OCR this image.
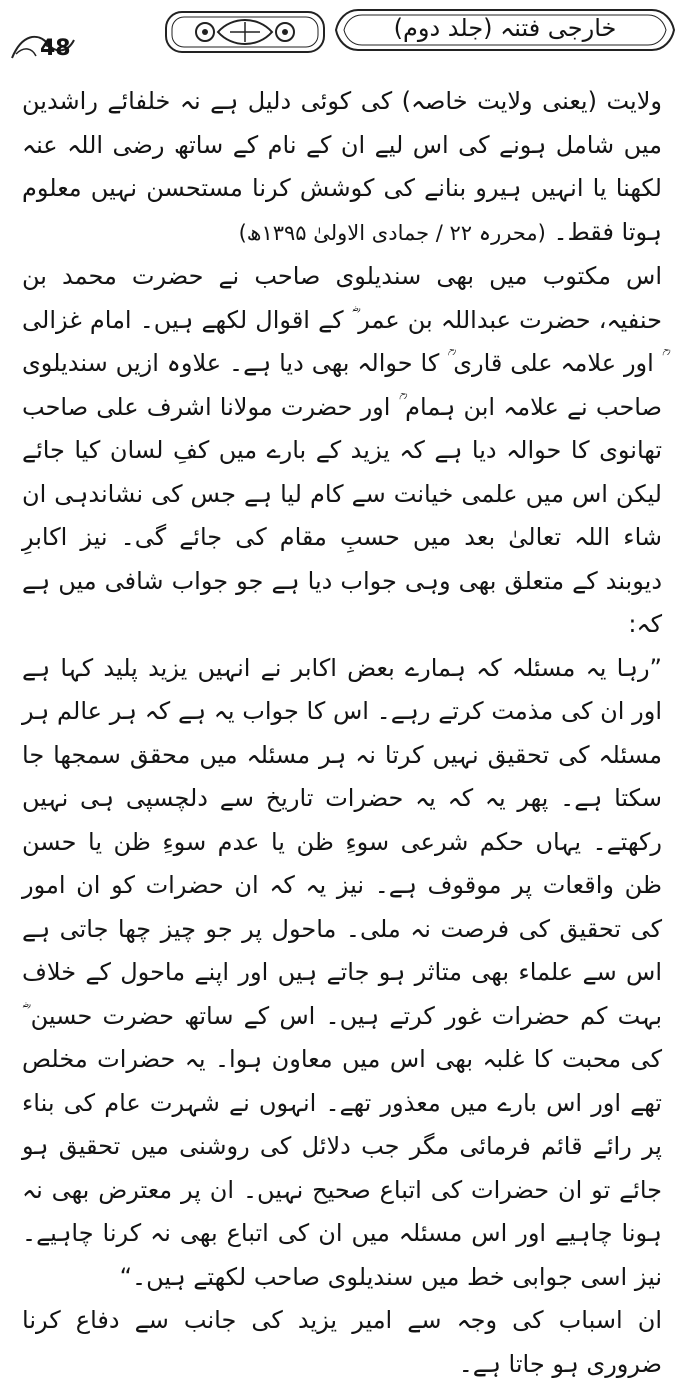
48
خارجی فتنہ (جلد دوم)

ولایت (یعنی ولایت خاصہ) کی کوئی دلیل ہے نہ خلفائے راشدین میں شامل ہونے کی اس لیے ان کے نام کے ساتھ رضی اللہ عنہ لکھنا یا انہیں ہیرو بنانے کی کوشش کرنا مستحسن نہیں معلوم ہوتا فقط۔ (محررہ ۲۲ / جمادی الاولیٰ ۱۳۹۵ھ)

اس مکتوب میں بھی سندیلوی صاحب نے حضرت محمد بن حنفیہ، حضرت عبداللہ بن عمر ؓ کے اقوال لکھے ہیں۔ امام غزالی ؒ اور علامہ علی قاری ؒ کا حوالہ بھی دیا ہے۔ علاوہ ازیں سندیلوی صاحب نے علامہ ابن ہمام ؒ اور حضرت مولانا اشرف علی صاحب تھانوی کا حوالہ دیا ہے کہ یزید کے بارے میں کفِ لسان کیا جائے لیکن اس میں علمی خیانت سے کام لیا ہے جس کی نشاندہی ان شاء اللہ تعالیٰ بعد میں حسبِ مقام کی جائے گی۔ نیز اکابرِ دیوبند کے متعلق بھی وہی جواب دیا ہے جو جواب شافی میں ہے کہ:

”رہا یہ مسئلہ کہ ہمارے بعض اکابر نے انہیں یزید پلید کہا ہے اور ان کی مذمت کرتے رہے۔ اس کا جواب یہ ہے کہ ہر عالم ہر مسئلہ کی تحقیق نہیں کرتا نہ ہر مسئلہ میں محقق سمجھا جا سکتا ہے۔ پھر یہ کہ یہ حضرات تاریخ سے دلچسپی ہی نہیں رکھتے۔ یہاں حکم شرعی سوءِ ظن یا عدم سوءِ ظن یا حسن ظن واقعات پر موقوف ہے۔ نیز یہ کہ ان حضرات کو ان امور کی تحقیق کی فرصت نہ ملی۔ ماحول پر جو چیز چھا جاتی ہے اس سے علماء بھی متاثر ہو جاتے ہیں اور اپنے ماحول کے خلاف بہت کم حضرات غور کرتے ہیں۔ اس کے ساتھ حضرت حسین ؓ کی محبت کا غلبہ بھی اس میں معاون ہوا۔ یہ حضرات مخلص تھے اور اس بارے میں معذور تھے۔ انہوں نے شہرت عام کی بناء پر رائے قائم فرمائی مگر جب دلائل کی روشنی میں تحقیق ہو جائے تو ان حضرات کی اتباع صحیح نہیں۔ ان پر معترض بھی نہ ہونا چاہیے اور اس مسئلہ میں ان کی اتباع بھی نہ کرنا چاہیے۔ نیز اسی جوابی خط میں سندیلوی صاحب لکھتے ہیں۔“

ان اسباب کی وجہ سے امیر یزید کی جانب سے دفاع کرنا ضروری ہو جاتا ہے۔
